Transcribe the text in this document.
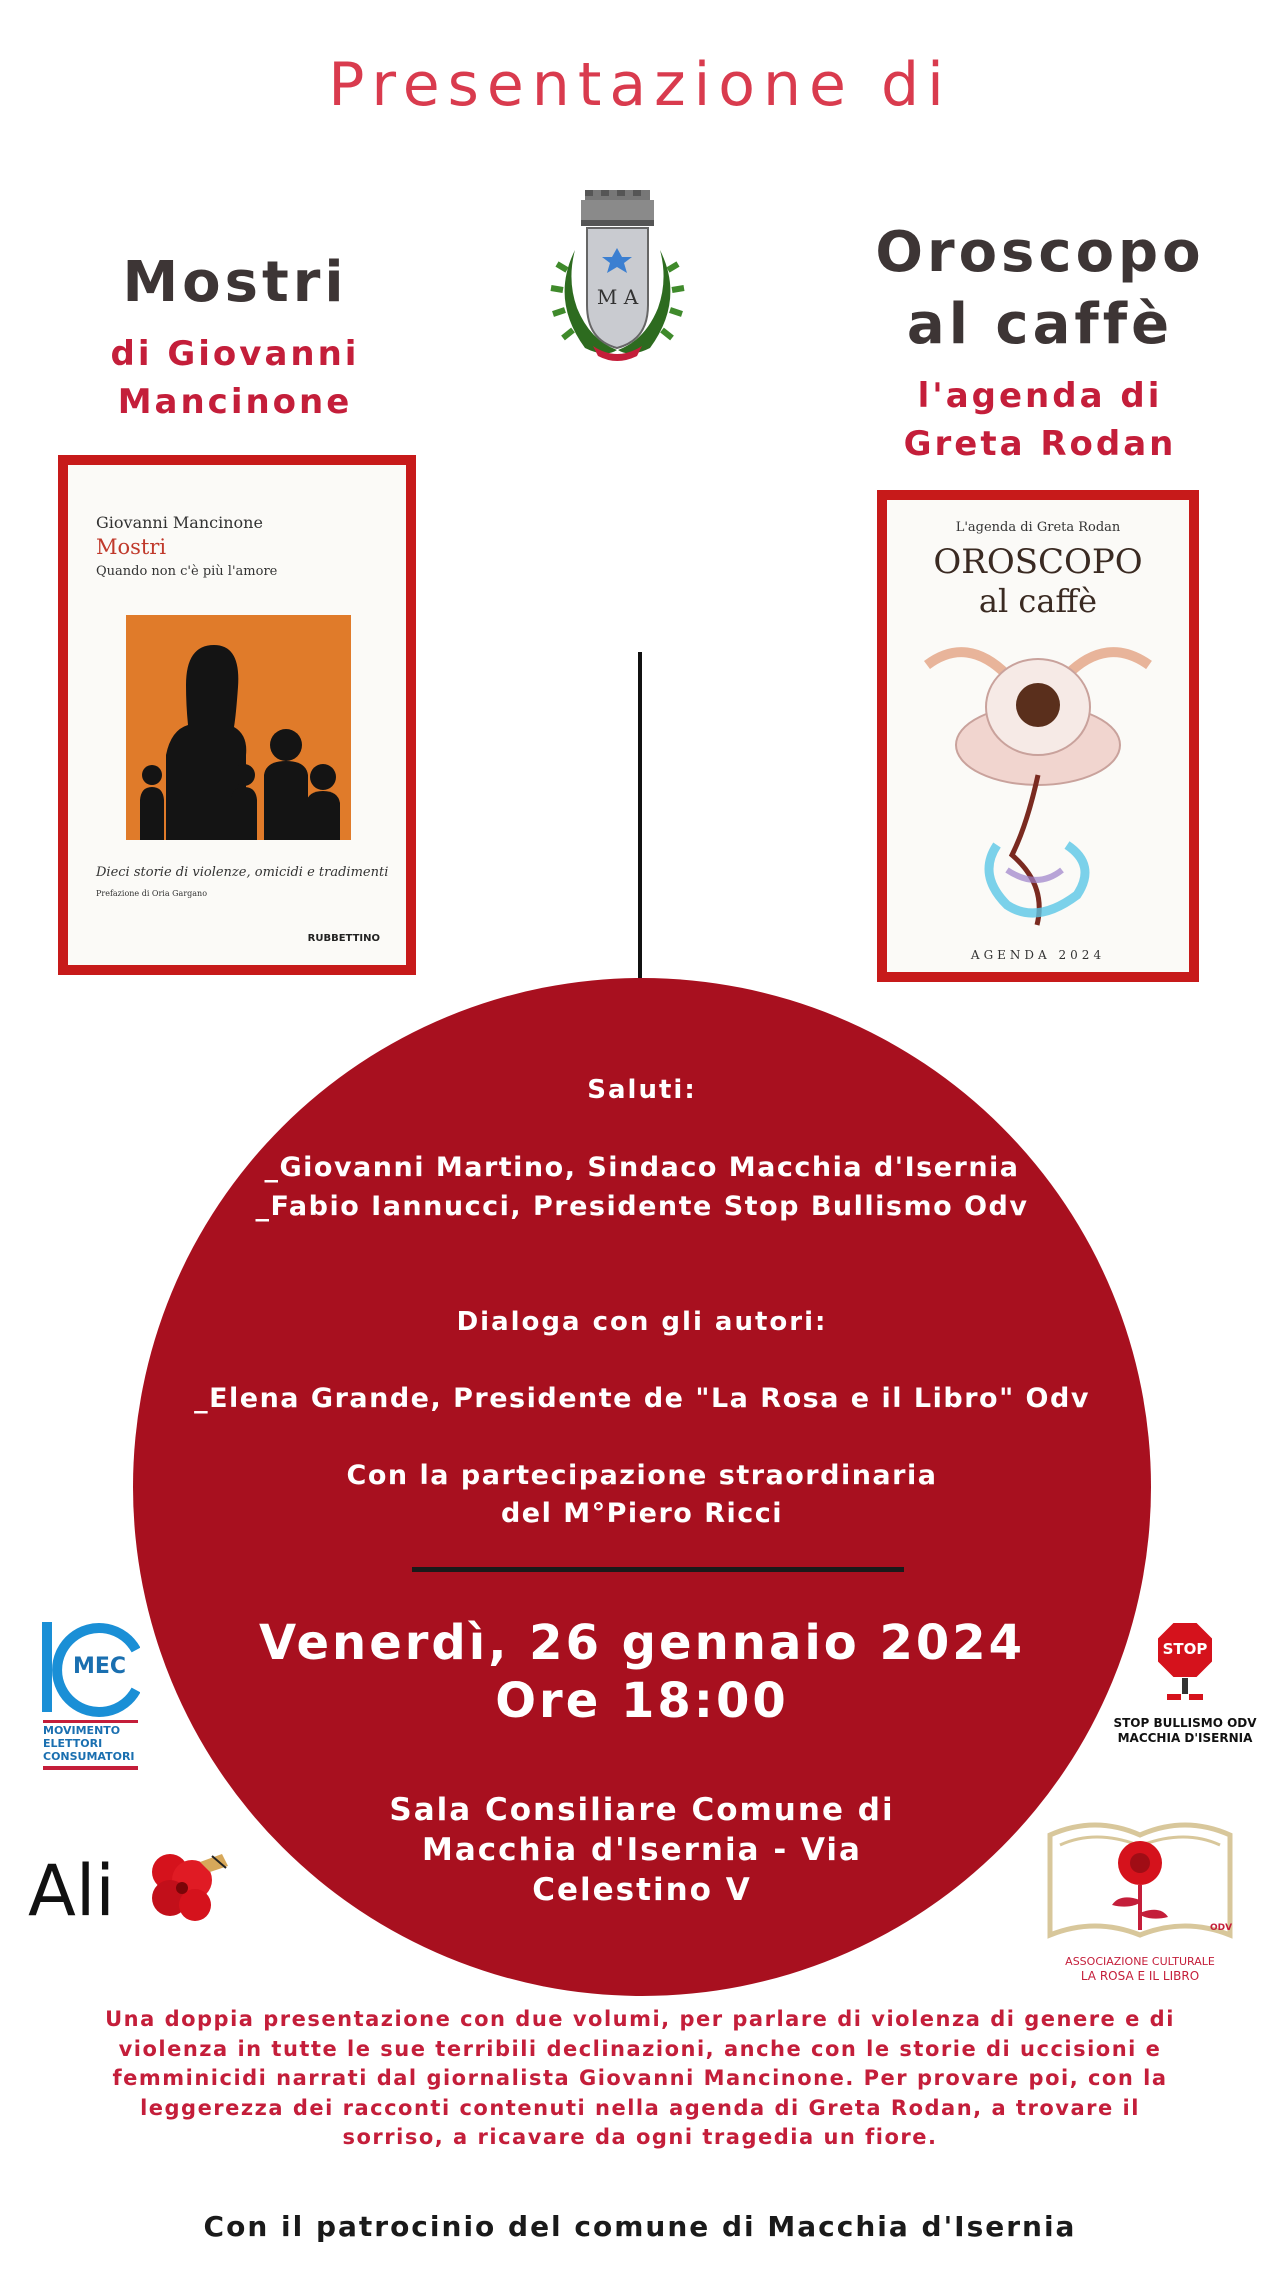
Presentazione di
M A
Mostri
di Giovanni
Mancinone
Oroscopo
al caffè
l'agenda di
Greta Rodan
Giovanni Mancinone
Mostri
Quando non c'è più l'amore
Dieci storie di violenze, omicidi e tradimenti
Prefazione di Oria Gargano
RUBBETTINO
L'agenda di Greta Rodan
OROSCOPO
al caffè
AGENDA 2024
Saluti:
_Giovanni Martino, Sindaco Macchia d'Isernia
_Fabio Iannucci, Presidente Stop Bullismo Odv
Dialoga con gli autori:
_Elena Grande, Presidente de "La Rosa e il Libro" Odv
Con la partecipazione straordinaria
del M°Piero Ricci
Venerdì, 26 gennaio 2024
Ore 18:00
Sala Consiliare Comune di
Macchia d'Isernia - Via
Celestino V
MEC
MOVIMENTO
ELETTORI
CONSUMATORI
Ali
STOP
STOP BULLISMO ODV
MACCHIA D'ISERNIA
ODV
ASSOCIAZIONE CULTURALE
LA ROSA E IL LIBRO
Una doppia presentazione con due volumi, per parlare di violenza di genere e di
violenza in tutte le sue terribili declinazioni, anche con le storie di uccisioni e
femminicidi narrati dal giornalista Giovanni Mancinone. Per provare poi, con la
leggerezza dei racconti contenuti nella agenda di Greta Rodan, a trovare il
sorriso, a ricavare da ogni tragedia un fiore.
Con il patrocinio del comune di Macchia d'Isernia
